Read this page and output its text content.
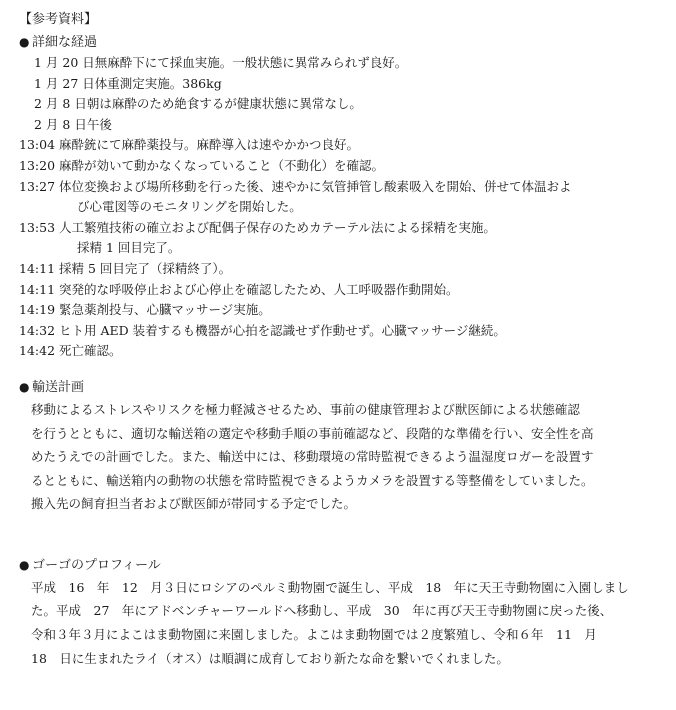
【参考資料】
● 詳細な経過
1 月 20 日無麻酔下にて採血実施。一般状態に異常みられず良好。
1 月 27 日体重測定実施。386kg
2 月 8 日朝は麻酔のため絶食するが健康状態に異常なし。
2 月 8 日午後
13:04 麻酔銃にて麻酔薬投与。麻酔導入は速やかかつ良好。
13:20 麻酔が効いて動かなくなっていること（不動化）を確認。
13:27 体位変換および場所移動を行った後、速やかに気管挿管し酸素吸入を開始、併せて体温およ
び心電図等のモニタリングを開始した。
13:53 人工繁殖技術の確立および配偶子保存のためカテーテル法による採精を実施。
採精 1 回目完了。
14:11 採精 5 回目完了（採精終了）。
14:11 突発的な呼吸停止および心停止を確認したため、人工呼吸器作動開始。
14:19 緊急薬剤投与、心臓マッサージ実施。
14:32 ヒト用 AED 装着するも機器が心拍を認識せず作動せず。心臓マッサージ継続。
14:42 死亡確認。
● 輸送計画
移動によるストレスやリスクを極力軽減させるため、事前の健康管理および獣医師による状態確認
を行うとともに、適切な輸送箱の選定や移動手順の事前確認など、段階的な準備を行い、安全性を高
めたうえでの計画でした。また、輸送中には、移動環境の常時監視できるよう温湿度ロガーを設置す
るとともに、輸送箱内の動物の状態を常時監視できるようカメラを設置する等整備をしていました。
搬入先の飼育担当者および獣医師が帯同する予定でした。
● ゴーゴのプロフィール
平成　16　年　12　月３日にロシアのペルミ動物園で誕生し、平成　18　年に天王寺動物園に入園しまし
た。平成　27　年にアドベンチャーワールドへ移動し、平成　30　年に再び天王寺動物園に戻った後、
令和３年３月によこはま動物園に来園しました。よこはま動物園では２度繁殖し、令和６年　11　月
18　日に生まれたライ（オス）は順調に成育しており新たな命を繋いでくれました。
